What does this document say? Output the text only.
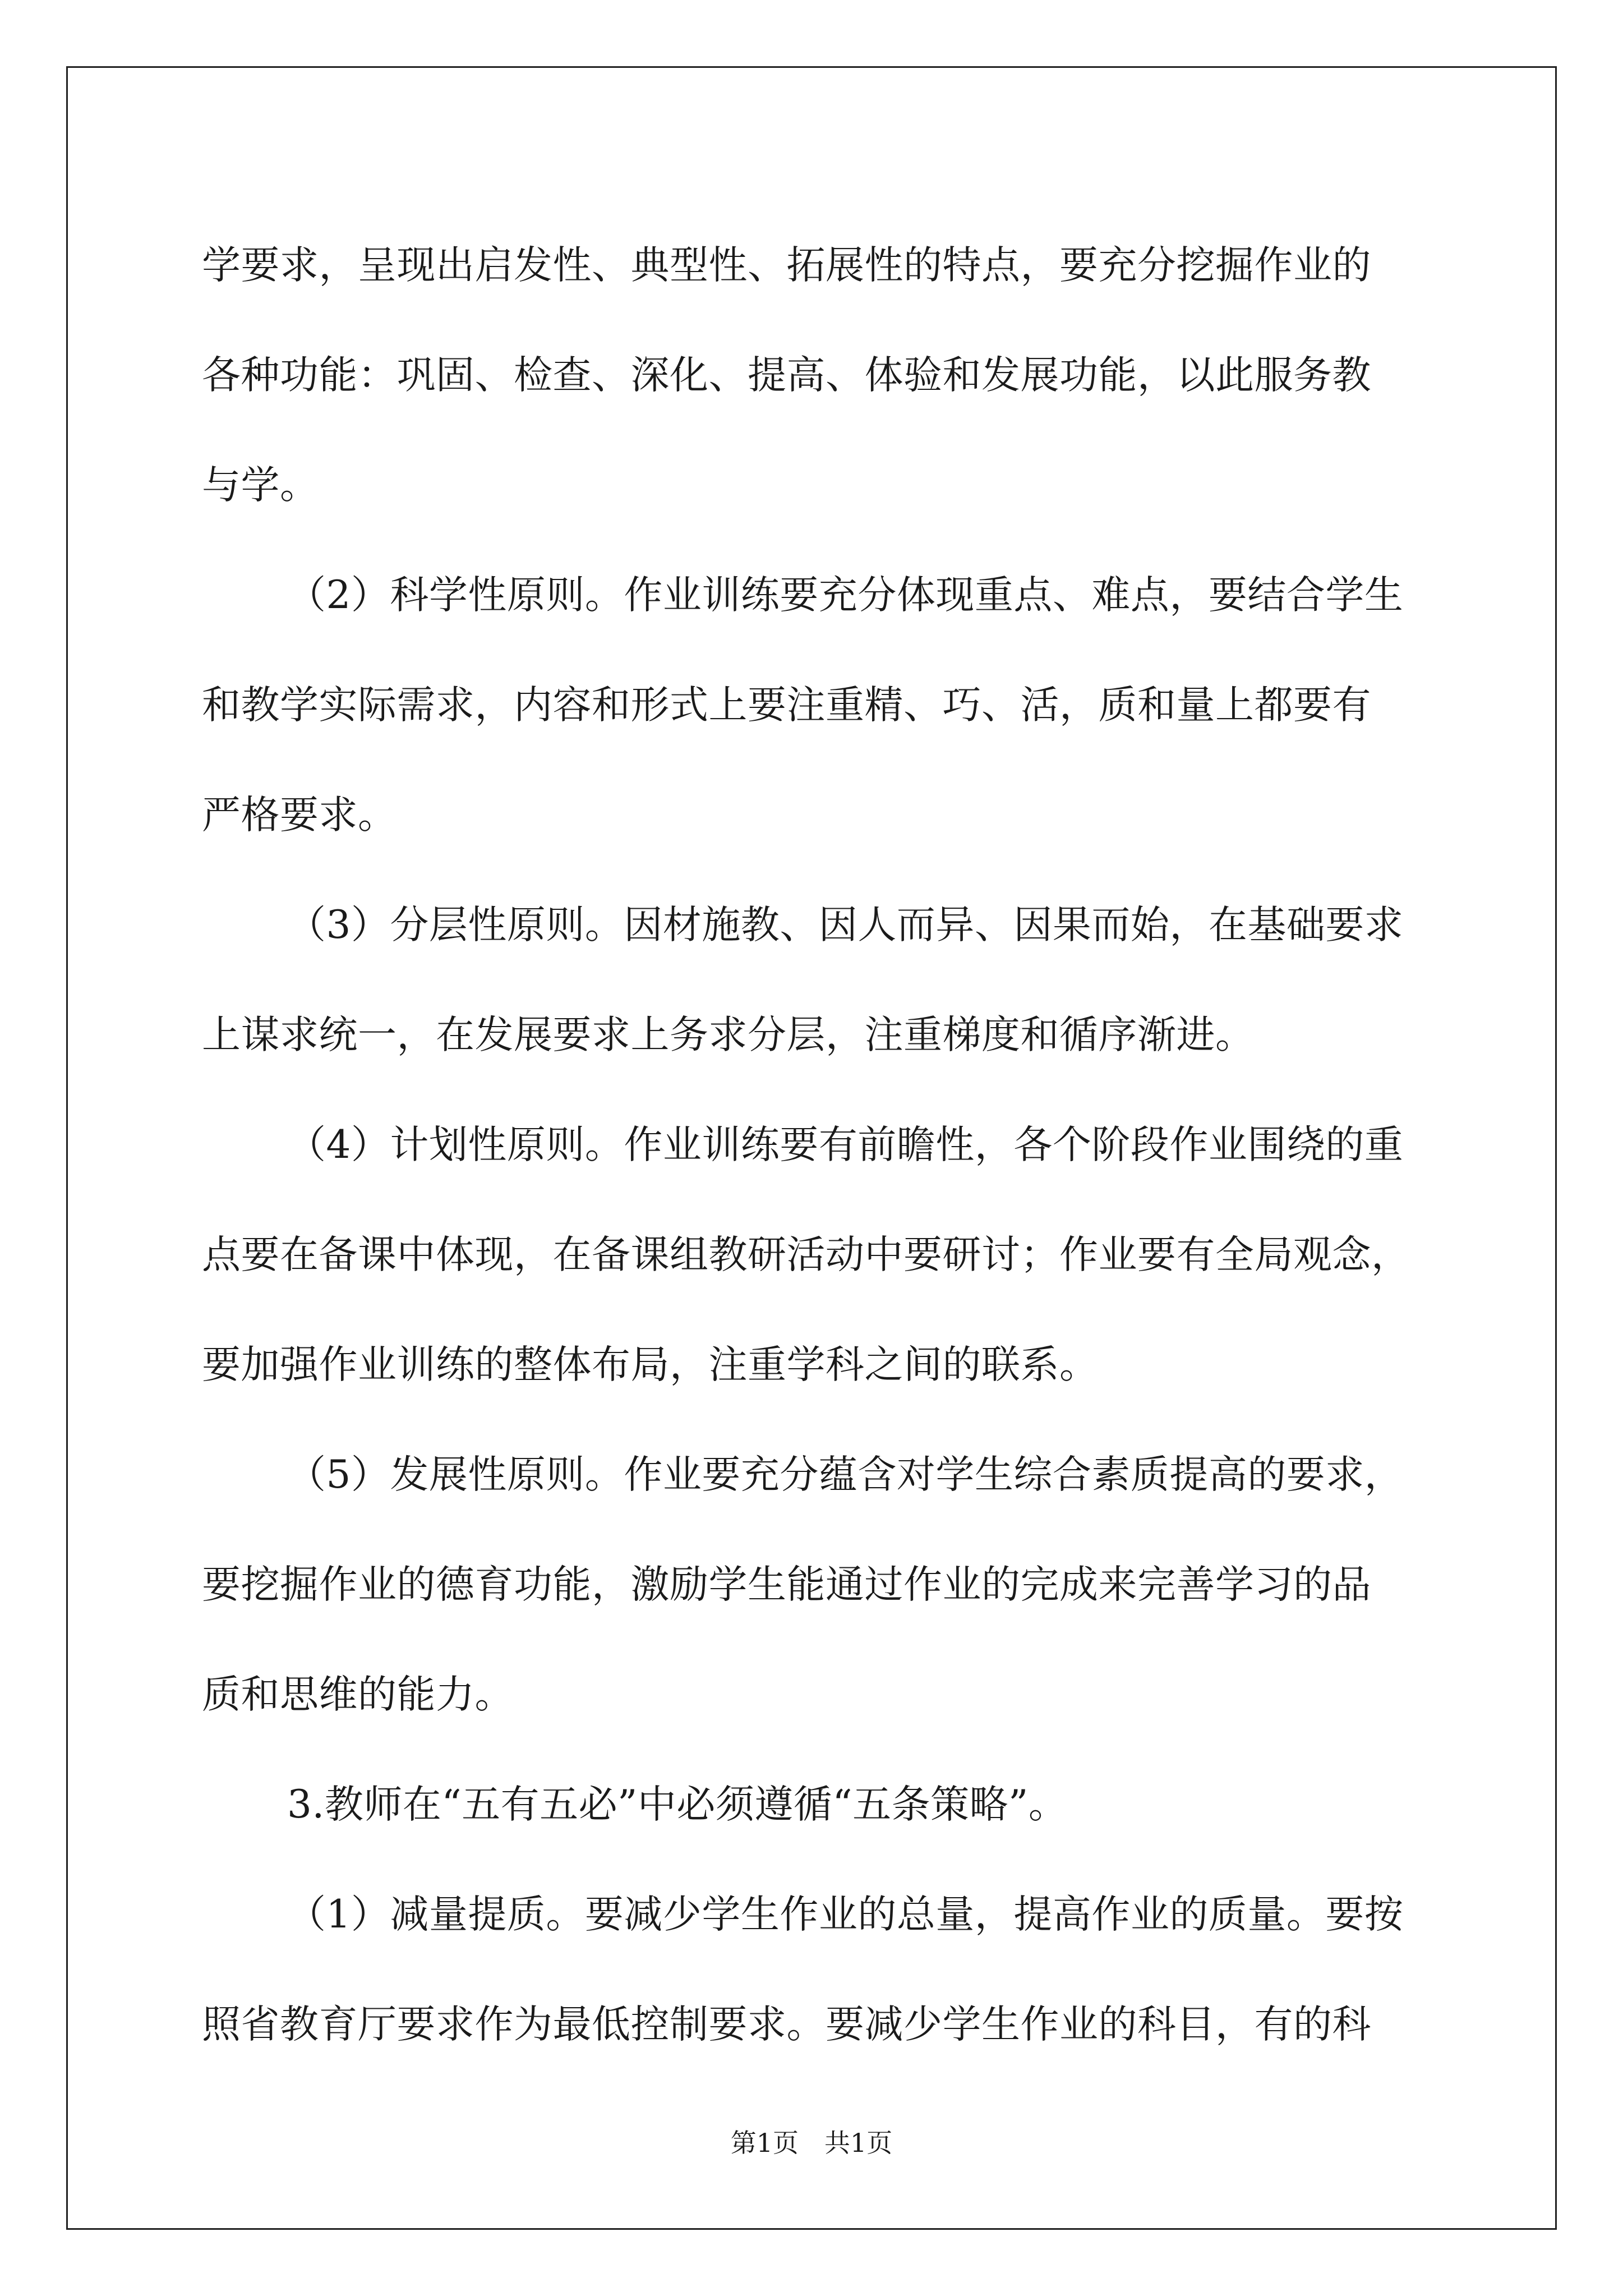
学要求，呈现出启发性、典型性、拓展性的特点，要充分挖掘作业的
各种功能：巩固、检查、深化、提高、体验和发展功能，以此服务教
与学。
（2）科学性原则。作业训练要充分体现重点、难点，要结合学生
和教学实际需求，内容和形式上要注重精、巧、活，质和量上都要有
严格要求。
（3）分层性原则。因材施教、因人而异、因果而始，在基础要求
上谋求统一，在发展要求上务求分层，注重梯度和循序渐进。
（4）计划性原则。作业训练要有前瞻性，各个阶段作业围绕的重
点要在备课中体现，在备课组教研活动中要研讨；作业要有全局观念，
要加强作业训练的整体布局，注重学科之间的联系。
（5）发展性原则。作业要充分蕴含对学生综合素质提高的要求，
要挖掘作业的德育功能，激励学生能通过作业的完成来完善学习的品
质和思维的能力。
3.教师在“五有五必”中必须遵循“五条策略”。
（1）减量提质。要减少学生作业的总量，提高作业的质量。要按
照省教育厅要求作为最低控制要求。要减少学生作业的科目，有的科
第1页　共1页
